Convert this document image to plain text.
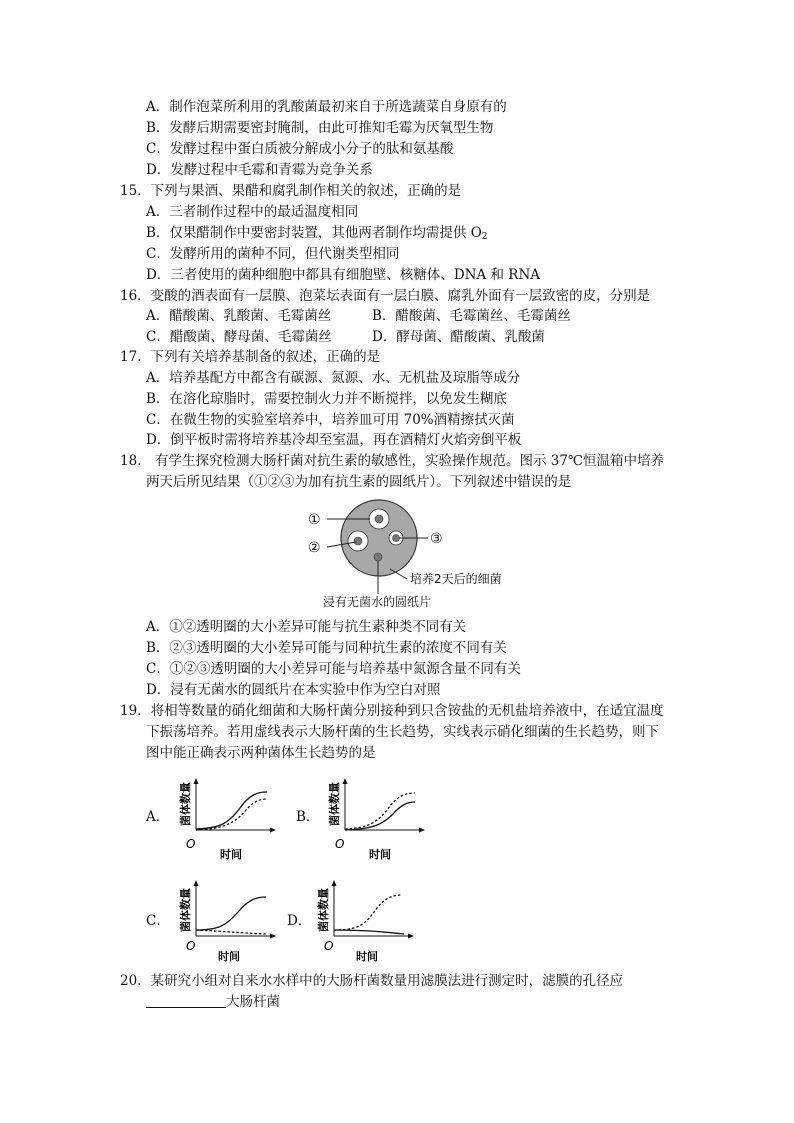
A．制作泡菜所利用的乳酸菌最初来自于所选蔬菜自身原有的
B．发酵后期需要密封腌制，由此可推知毛霉为厌氧型生物
C．发酵过程中蛋白质被分解成小分子的肽和氨基酸
D．发酵过程中毛霉和青霉为竞争关系
15．下列与果酒、果醋和腐乳制作相关的叙述，正确的是
A．三者制作过程中的最适温度相同
B．仅果醋制作中要密封装置，其他两者制作均需提供 $O_2$
C．发酵所用的菌种不同，但代谢类型相同
D．三者使用的菌种细胞中都具有细胞壁、核糖体、DNA 和 RNA
16．变酸的酒表面有一层膜、泡菜坛表面有一层白膜、腐乳外面有一层致密的皮，分别是
A．醋酸菌、乳酸菌、毛霉菌丝	B．醋酸菌、毛霉菌丝、毛霉菌丝
C．醋酸菌、酵母菌、毛霉菌丝	D．酵母菌、醋酸菌、乳酸菌
17．下列有关培养基制备的叙述，正确的是
A．培养基配方中都含有碳源、氮源、水、无机盐及琼脂等成分
B．在溶化琼脂时，需要控制火力并不断搅拌，以免发生糊底
C．在微生物的实验室培养中，培养皿可用 70%酒精擦拭灭菌
D．倒平板时需将培养基冷却至室温，再在酒精灯火焰旁倒平板
18． 有学生探究检测大肠杆菌对抗生素的敏感性，实验操作规范。图示 37℃恒温箱中培养
两天后所见结果（①②③为加有抗生素的圆纸片）。下列叙述中错误的是
①
②
③
培养2天后的细菌
浸有无菌水的圆纸片
A．①②透明圈的大小差异可能与抗生素种类不同有关
B．②③透明圈的大小差异可能与同种抗生素的浓度不同有关
C．①②③透明圈的大小差异可能与培养基中氮源含量不同有关
D．浸有无菌水的圆纸片在本实验中作为空白对照
19．将相等数量的硝化细菌和大肠杆菌分别接种到只含铵盐的无机盐培养液中，在适宜温度
下振荡培养。若用虚线表示大肠杆菌的生长趋势，实线表示硝化细菌的生长趋势，则下
图中能正确表示两种菌体生长趋势的是
A． 菌体数量
时间
O
B． 菌体数量
时间
O
C． 菌体数量
时间
O
D． 菌体数量
时间
O
20．某研究小组对自来水水样中的大肠杆菌数量用滤膜法进行测定时，滤膜的孔径应
大肠杆菌
